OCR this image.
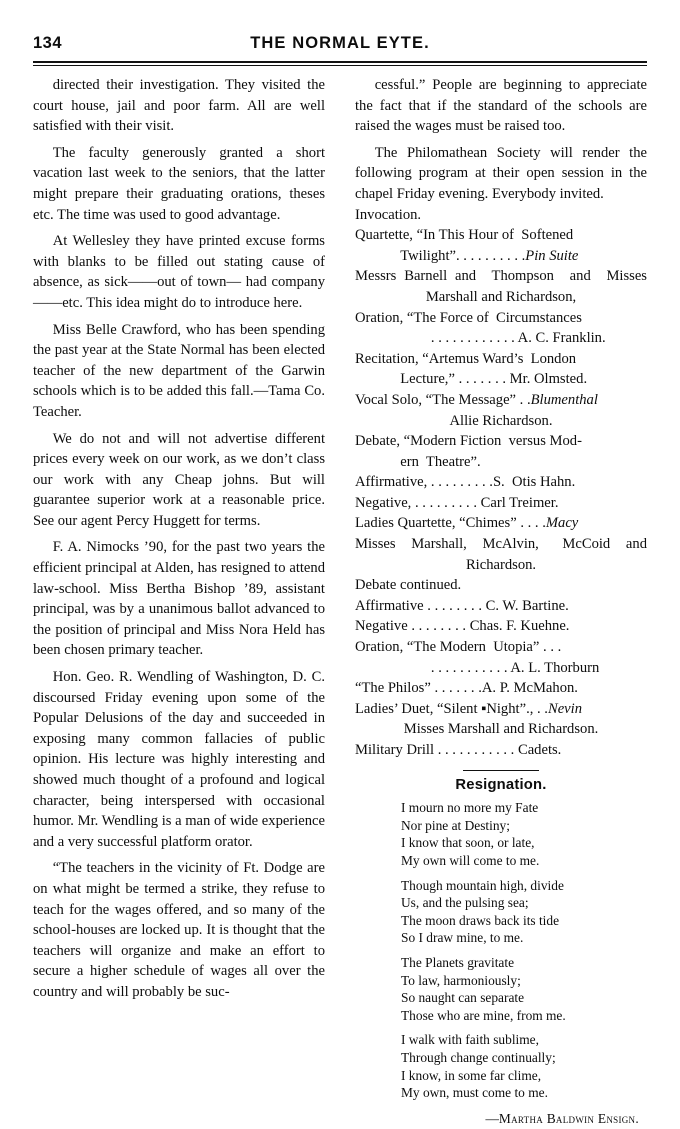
134	THE NORMAL EYTE.

directed their investigation. They visited the court house, jail and poor farm. All are well satisfied with their visit.

The faculty generously granted a short vacation last week to the seniors, that the latter might prepare their graduating orations, theses etc. The time was used to good advantage.

At Wellesley they have printed excuse forms with blanks to be filled out stating cause of absence, as sick——out of town— had company——etc. This idea might do to introduce here.

Miss Belle Crawford, who has been spending the past year at the State Normal has been elected teacher of the new department of the Garwin schools which is to be added this fall.—Tama Co. Teacher.

We do not and will not advertise different prices every week on our work, as we don’t class our work with any Cheap johns. But will guarantee superior work at a reasonable price. See our agent Percy Huggett for terms.

F. A. Nimocks ’90, for the past two years the efficient principal at Alden, has resigned to attend law-school. Miss Bertha Bishop ’89, assistant principal, was by a unanimous ballot advanced to the position of principal and Miss Nora Held has been chosen primary teacher.

Hon. Geo. R. Wendling of Washington, D. C. discoursed Friday evening upon some of the Popular Delusions of the day and succeeded in exposing many common fallacies of public opinion. His lecture was highly interesting and showed much thought of a profound and logical character, being interspersed with occasional humor. Mr. Wendling is a man of wide experience and a very successful platform orator.

“The teachers in the vicinity of Ft. Dodge are on what might be termed a strike, they refuse to teach for the wages offered, and so many of the school-houses are locked up. It is thought that the teachers will organize and make an effort to secure a higher schedule of wages all over the country and will probably be suc-

cessful.” People are beginning to appreciate the fact that if the standard of the schools are raised the wages must be raised too.

The Philomathean Society will render the following program at their open session in the chapel Friday evening. Everybody invited.

Invocation.
Quartette, “In This Hour of  Softened
Twilight”. . . . . . . . . .Pin Suite
Messrs Barnell and  Thompѕon  and  Misses
Marshall and Richardson,
Oration, “The Force of  Circumstances
. . . . . . . . . . . . A. C. Franklin.
Recitation, “Artemus Ward’s  London
Lecture,” . . . . . . . Mr. Olmsted.
Vocal Solo, “The Message” . .Blumenthal
Allie Richardson.
Debate, “Modern Fiction  versus Mod-
ern  Theatre”.
Affirmative, . . . . . . . . .S.  Otis Hahn.
Negative, . . . . . . . . . Carl Treimer.
Ladies Quartette, “Chimes” . . . .Macy
Misses  Marshall,  McAlvin,   McCoid  and
Richardson.
Debate continued.
Affirmative . . . . . . . . C. W. Bartine.
Negative . . . . . . . . Chas. F. Kuehne.
Oration, “The Modern  Utopia” . . .
. . . . . . . . . . . A. L. Thorburn
“The Philos” . . . . . . .A. P. McMahon.
Ladies’ Duet, “Silent ▪Night”., . .Nevin
Misses Marshall and Richardson.
Military Drill . . . . . . . . . . . Cadets.
Resignation.

I mourn no more my Fate

Nor pine at Destiny;

I know that soon, or late,

My own will come to me.

Though mountain high, divide

Us, and the pulsing sea;

The moon draws back its tide

So I draw mine, to me.

The Planets gravitate

To law, harmoniously;

So naught can separate

Those who are mine, from me.

I walk with faith sublime,

Through change continually;

I know, in some far clime,

My own, must come to me.

—Martha Baldwin Ensign.
